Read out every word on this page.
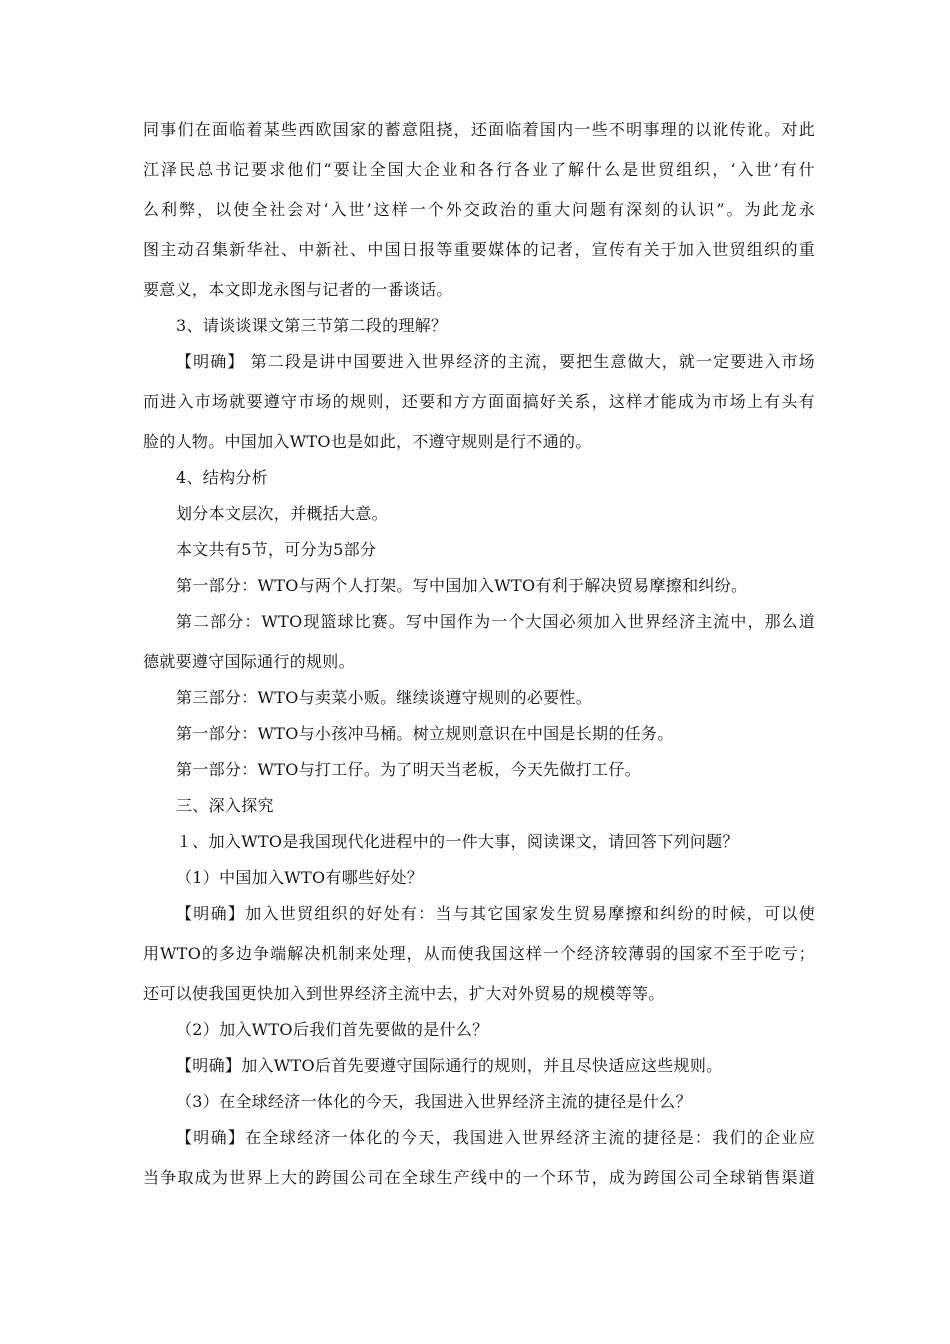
同事们在面临着某些西欧国家的蓄意阻挠，还面临着国内一些不明事理的以讹传讹。对此
江泽民总书记要求他们“要让全国大企业和各行各业了解什么是世贸组织，‘入世’有什
么利弊，以使全社会对‘入世’这样一个外交政治的重大问题有深刻的认识”。为此龙永
图主动召集新华社、中新社、中国日报等重要媒体的记者，宣传有关于加入世贸组织的重
要意义，本文即龙永图与记者的一番谈话。
3、请谈谈课文第三节第二段的理解？
【明确】 第二段是讲中国要进入世界经济的主流，要把生意做大，就一定要进入市场
而进入市场就要遵守市场的规则，还要和方方面面搞好关系，这样才能成为市场上有头有
脸的人物。中国加入WTO也是如此，不遵守规则是行不通的。
4、结构分析
划分本文层次，并概括大意。
本文共有5节，可分为5部分
第一部分：WTO与两个人打架。写中国加入WTO有利于解决贸易摩擦和纠纷。
第二部分：WTO现篮球比赛。写中国作为一个大国必须加入世界经济主流中，那么道
德就要遵守国际通行的规则。
第三部分：WTO与卖菜小贩。继续谈遵守规则的必要性。
第一部分：WTO与小孩冲马桶。树立规则意识在中国是长期的任务。
第一部分：WTO与打工仔。为了明天当老板，今天先做打工仔。
三、深入探究
１、加入WTO是我国现代化进程中的一件大事，阅读课文，请回答下列问题？
（1）中国加入WTO有哪些好处？
【明确】加入世贸组织的好处有：当与其它国家发生贸易摩擦和纠纷的时候，可以使
用WTO的多边争端解决机制来处理，从而使我国这样一个经济较薄弱的国家不至于吃亏；
还可以使我国更快加入到世界经济主流中去，扩大对外贸易的规模等等。
（2）加入WTO后我们首先要做的是什么？
【明确】加入WTO后首先要遵守国际通行的规则，并且尽快适应这些规则。
（3）在全球经济一体化的今天，我国进入世界经济主流的捷径是什么？
【明确】在全球经济一体化的今天，我国进入世界经济主流的捷径是：我们的企业应
当争取成为世界上大的跨国公司在全球生产线中的一个环节，成为跨国公司全球销售渠道
